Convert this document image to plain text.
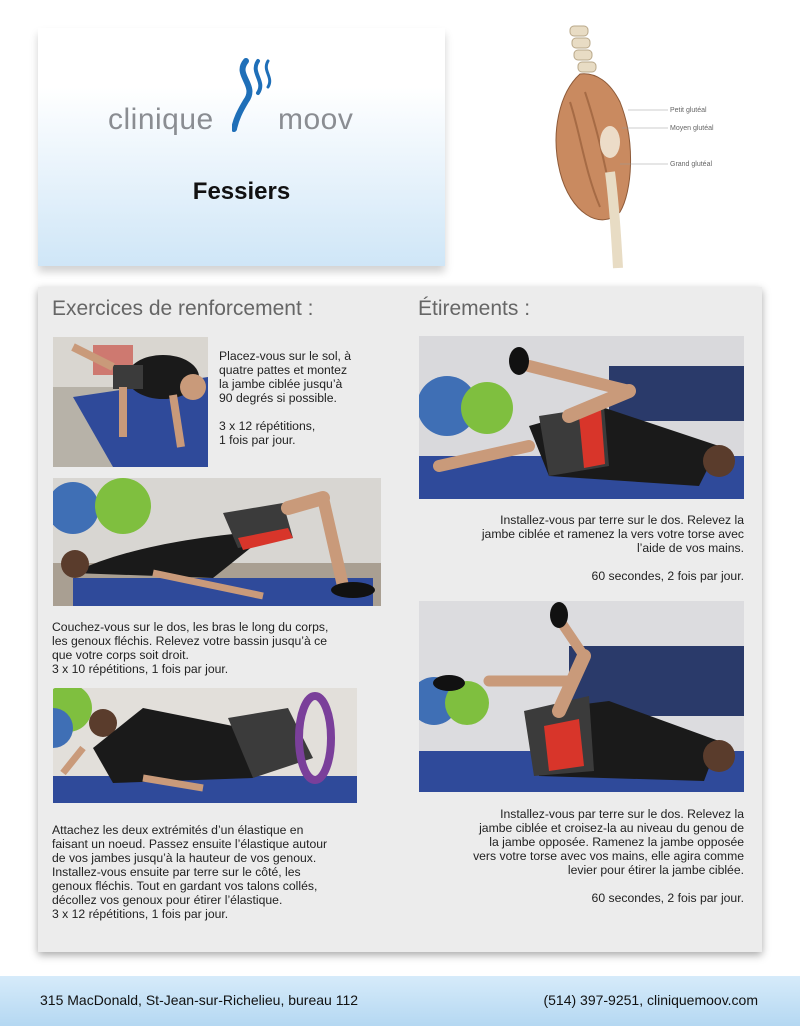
clinique moov
Fessiers
Petit glutéal
Moyen glutéal
Grand glutéal
Exercices de renforcement :	Étirements :
Placez-vous sur le sol, à
quatre pattes et montez
la jambe ciblée jusqu’à
90 degrés si possible.
3 x 12 répétitions,
1 fois par jour.
Couchez-vous sur le dos, les bras le long du corps,
les genoux fléchis. Relevez votre bassin jusqu’à ce
que votre corps soit droit.
3 x 10 répétitions, 1 fois par jour.
Attachez les deux extrémités d’un élastique en
faisant un noeud. Passez ensuite l’élastique autour
de vos jambes jusqu’à la hauteur de vos genoux.
Installez-vous ensuite par terre sur le côté, les
genoux fléchis. Tout en gardant vos talons collés,
décollez vos genoux pour étirer l’élastique.
3 x 12 répétitions, 1 fois par jour.
Installez-vous par terre sur le dos. Relevez la
jambe ciblée et ramenez la vers votre torse avec
l’aide de vos mains.
60 secondes, 2 fois par jour.
Installez-vous par terre sur le dos. Relevez la
jambe ciblée et croisez-la au niveau du genou de
la jambe opposée. Ramenez la jambe opposée
vers votre torse avec vos mains, elle agira comme
levier pour étirer la jambe ciblée.
60 secondes, 2 fois par jour.
315 MacDonald, St-Jean-sur-Richelieu, bureau 112	(514) 397-9251, cliniquemoov.com
